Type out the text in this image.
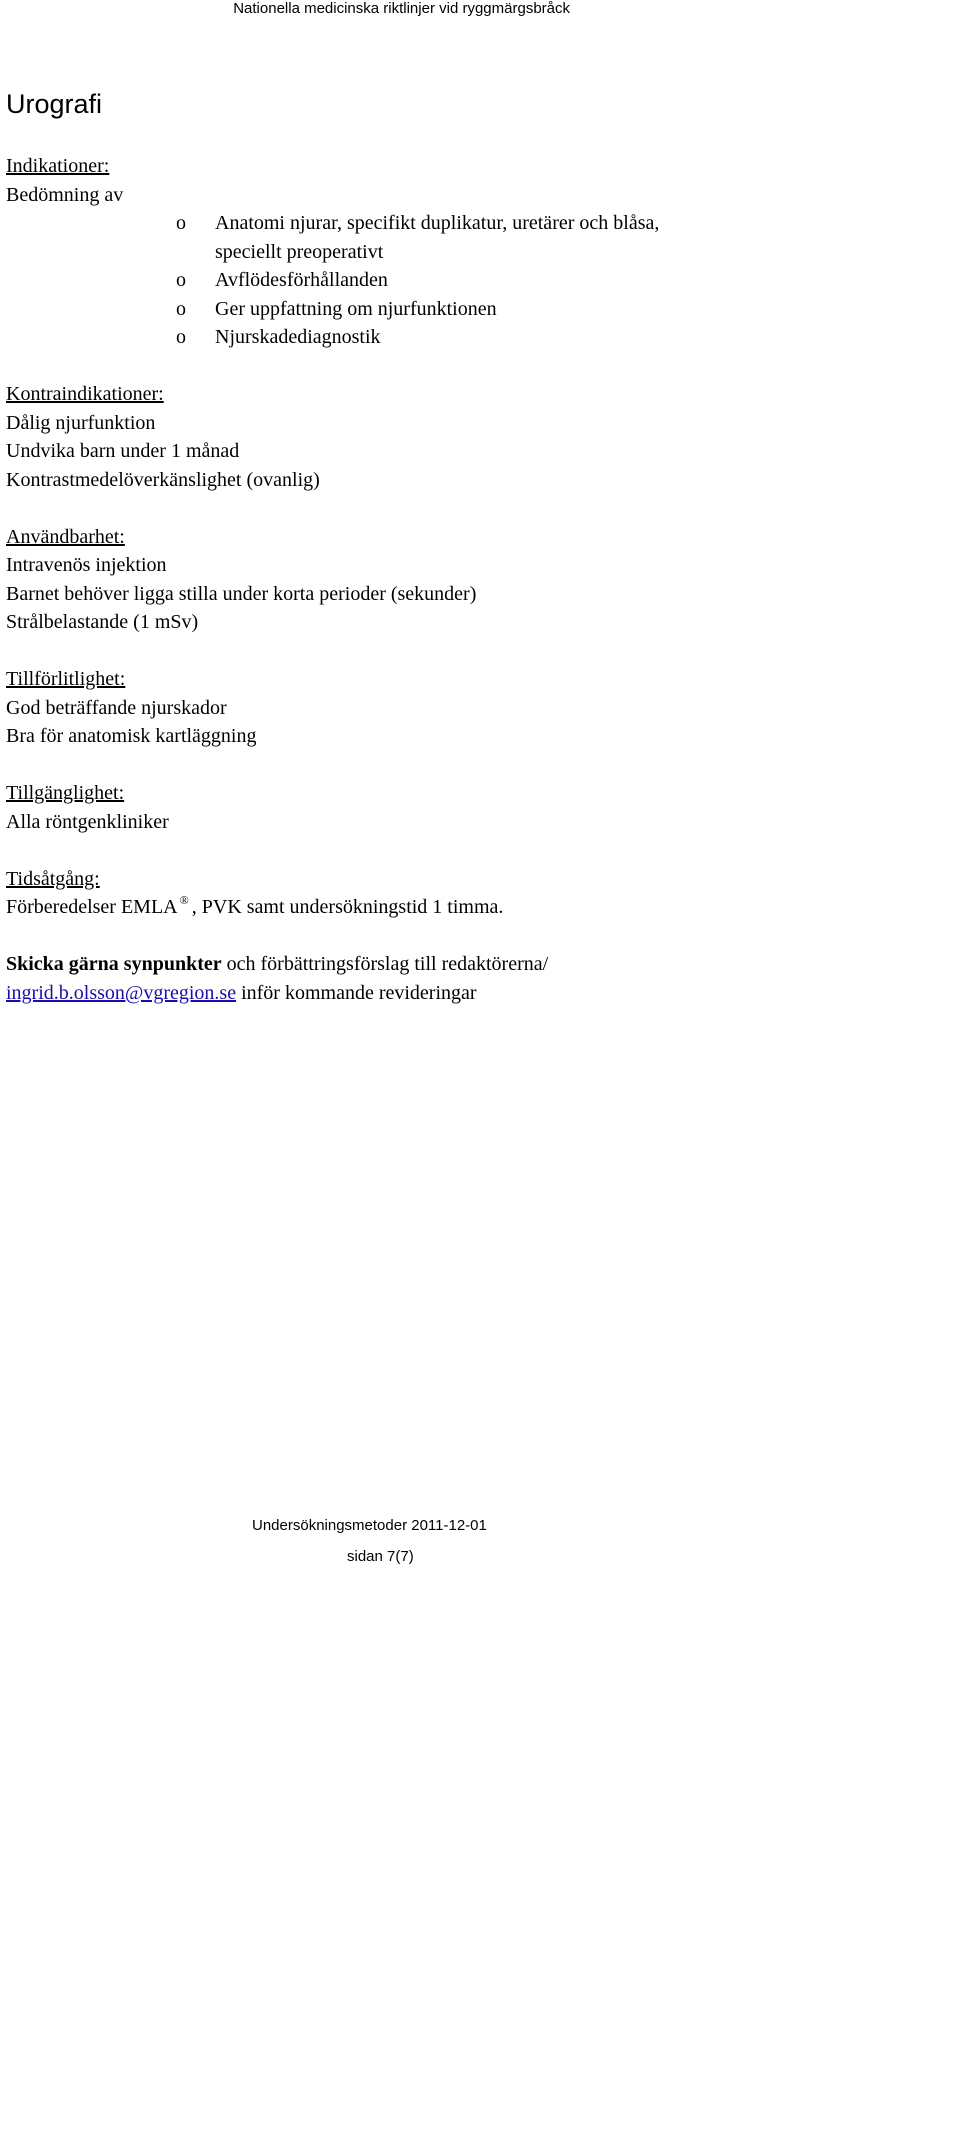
Nationella medicinska riktlinjer vid ryggmärgsbråck
Urografi
Indikationer:
Bedömning av
o Anatomi njurar, specifikt duplikatur, uretärer och blåsa, speciellt preoperativt
o Avflödesförhållanden
o Ger uppfattning om njurfunktionen
o Njurskadediagnostik
Kontraindikationer:
Dålig njurfunktion
Undvika barn under 1 månad
Kontrastmedelöverkänslighet (ovanlig)
Användbarhet:
Intravenös injektion
Barnet behöver ligga stilla under korta perioder (sekunder)
Strålbelastande (1 mSv)
Tillförlitlighet:
God beträffande njurskador
Bra för anatomisk kartläggning
Tillgänglighet:
Alla röntgenkliniker
Tidsåtgång:
Förberedelser EMLA ® , PVK samt undersökningstid 1 timma.
Skicka gärna synpunkter och förbättringsförslag till redaktörerna/
ingrid.b.olsson@vgregion.se inför kommande revideringar
Undersökningsmetoder 2011-12-01
sidan 7(7)
